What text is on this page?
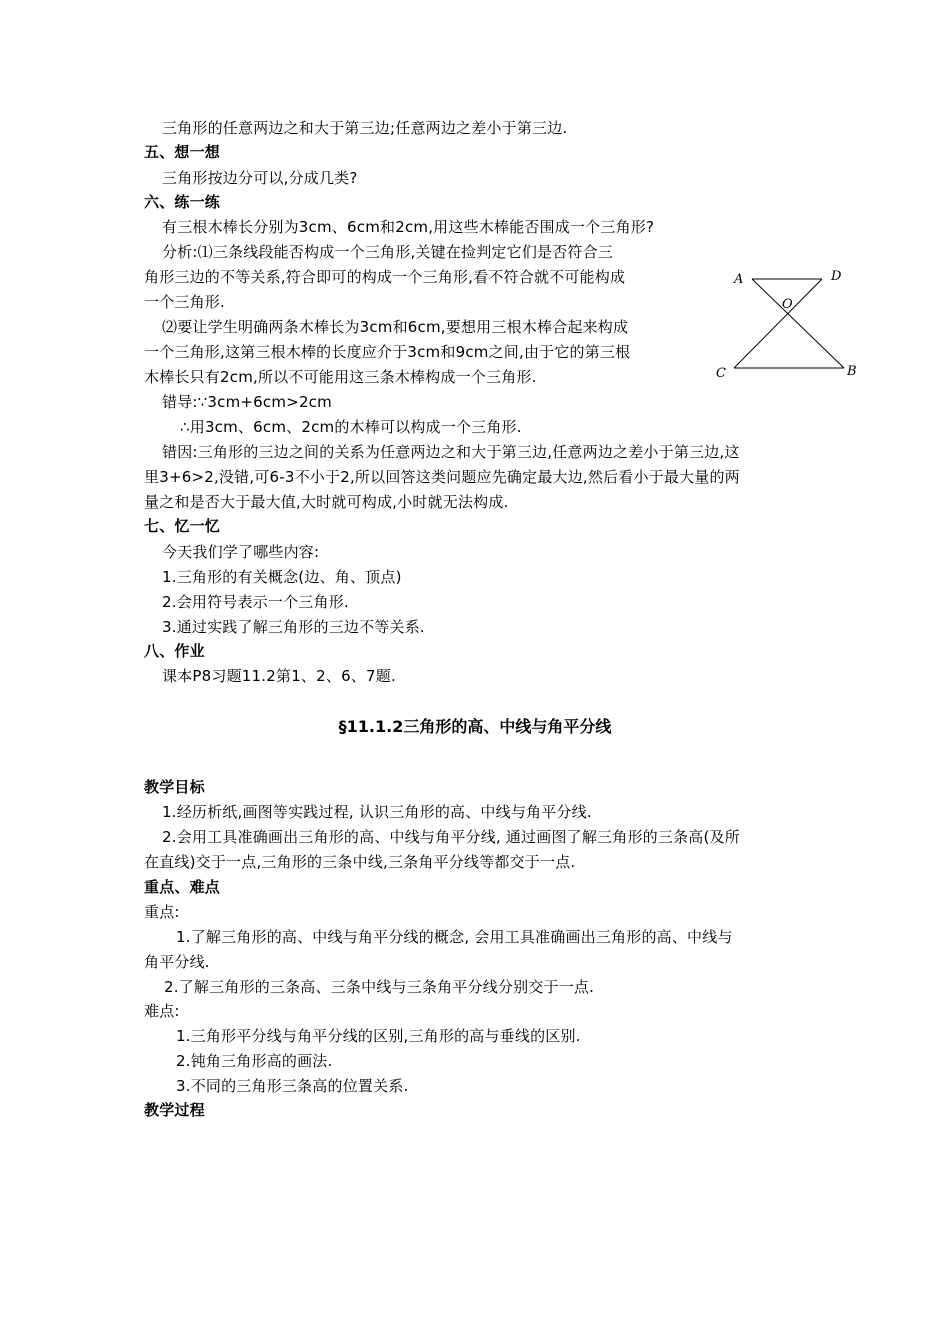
三角形的任意两边之和大于第三边;任意两边之差小于第三边.
五、想一想
三角形按边分可以,分成几类?
六、练一练
有三根木棒长分别为3cm、6cm和2cm,用这些木棒能否围成一个三角形?
分析:⑴三条线段能否构成一个三角形,关键在捡判定它们是否符合三
角形三边的不等关系,符合即可的构成一个三角形,看不符合就不可能构成
一个三角形.
⑵要让学生明确两条木棒长为3cm和6cm,要想用三根木棒合起来构成
一个三角形,这第三根木棒的长度应介于3cm和9cm之间,由于它的第三根
木棒长只有2cm,所以不可能用这三条木棒构成一个三角形.
错导:∵3cm+6cm>2cm
∴用3cm、6cm、2cm的木棒可以构成一个三角形.
错因:三角形的三边之间的关系为任意两边之和大于第三边,任意两边之差小于第三边,这
里3+6>2,没错,可6-3不小于2,所以回答这类问题应先确定最大边,然后看小于最大量的两
量之和是否大于最大值,大时就可构成,小时就无法构成.
七、忆一忆
今天我们学了哪些内容:
1.三角形的有关概念(边、角、顶点)
2.会用符号表示一个三角形.
3.通过实践了解三角形的三边不等关系.
八、作业
课本P8习题11.2第1、2、6、7题.
A	D
O
C	B
§11.1.2三角形的高、中线与角平分线
教学目标
1.经历析纸,画图等实践过程, 认识三角形的高、中线与角平分线.
2.会用工具准确画出三角形的高、中线与角平分线, 通过画图了解三角形的三条高(及所
在直线)交于一点,三角形的三条中线,三条角平分线等都交于一点.
重点、难点
重点:
1.了解三角形的高、中线与角平分线的概念, 会用工具准确画出三角形的高、中线与
角平分线.
2.了解三角形的三条高、三条中线与三条角平分线分别交于一点.
难点:
1.三角形平分线与角平分线的区别,三角形的高与垂线的区别.
2.钝角三角形高的画法.
3.不同的三角形三条高的位置关系.
教学过程
